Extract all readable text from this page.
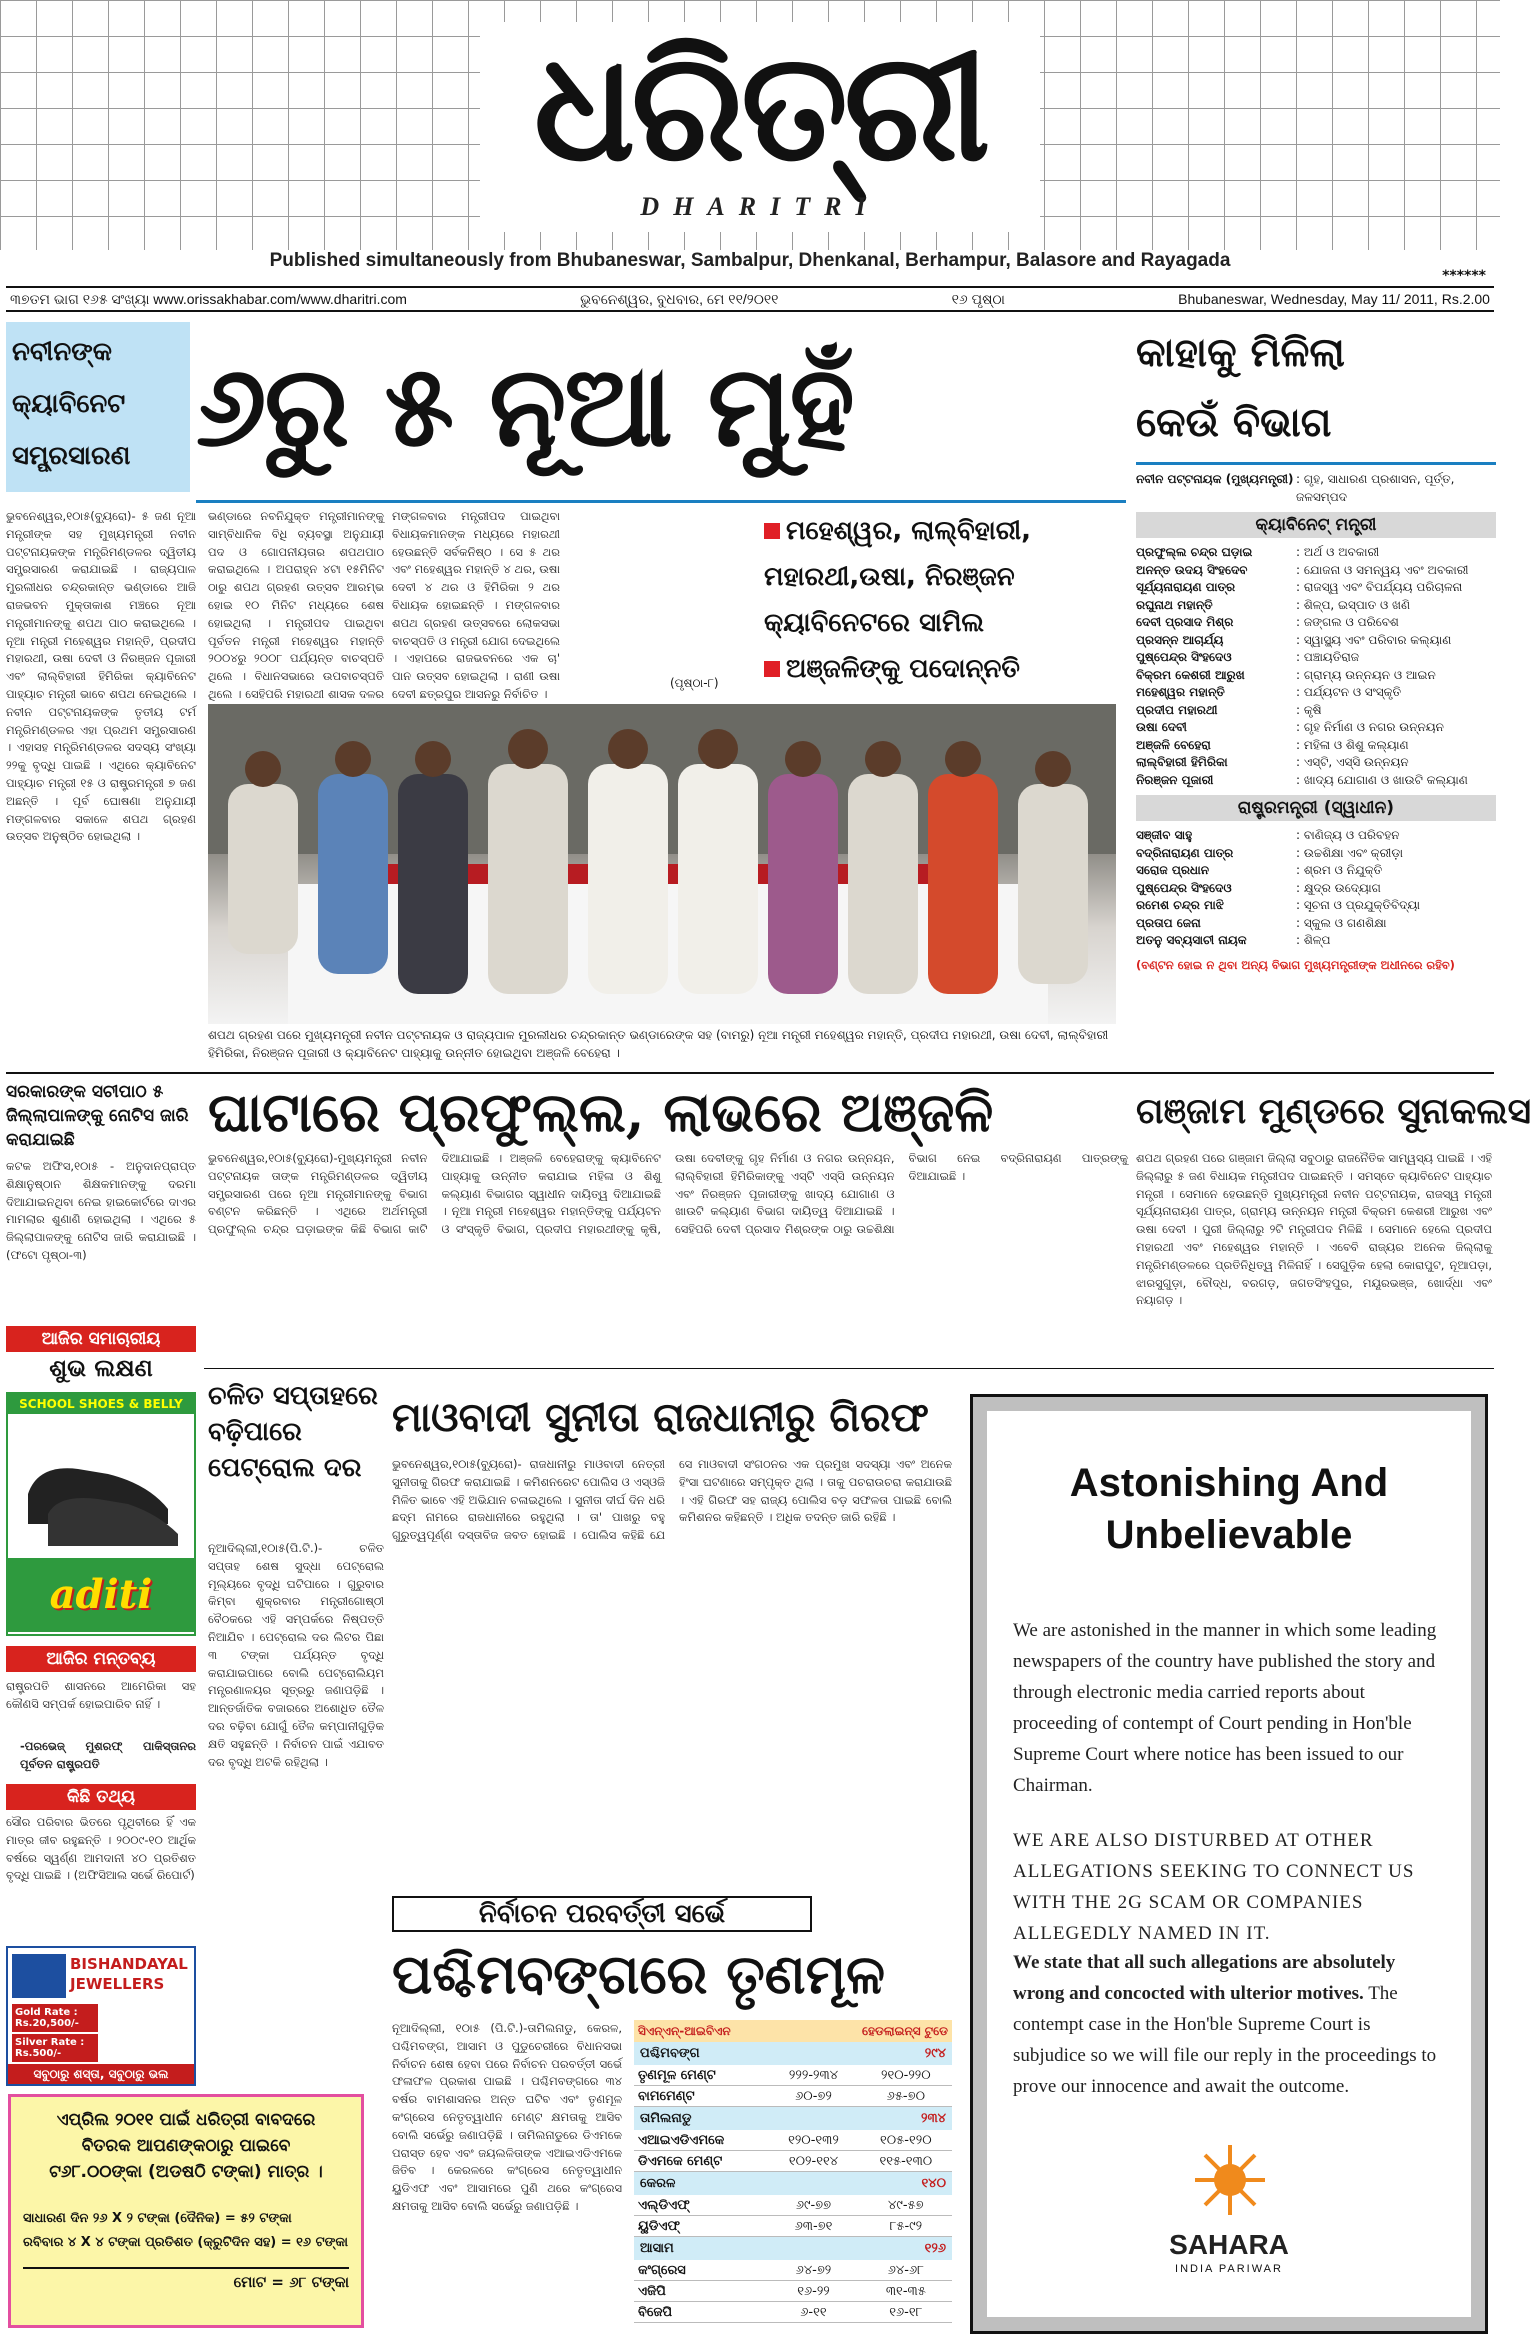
ଧରିତ୍ରୀ
DHARITRI
Published simultaneously from Bhubaneswar, Sambalpur, Dhenkanal, Berhampur, Balasore and Rayagada
******
୩୭ତମ ଭାଗ ୧୬୫ ସଂଖ୍ୟା www.orissakhabar.com/www.dharitri.com	ଭୁବନେଶ୍ୱର, ବୁଧବାର, ମେ ୧୧/୨୦୧୧	୧୬ ପୃଷ୍ଠା	Bhubaneswar, Wednesday, May 11/ 2011, Rs.2.00
ନବୀନଙ୍କ କ୍ୟାବିନେଟ ସମ୍ପ୍ରସାରଣ ୬ରୁ ୫ ନୂଆ ମୁହଁ
ଭୁବନେଶ୍ୱର,୧୦ା୫(ବ୍ୟୁରୋ)- ୫ ଜଣ ନୂଆ ମନ୍ତ୍ରୀଙ୍କ ସହ ମୁଖ୍ୟମନ୍ତ୍ରୀ ନବୀନ ପଟ୍ଟନାୟକଙ୍କ ମନ୍ତ୍ରିମଣ୍ଡଳର ଦ୍ୱିତୀୟ ସମ୍ପ୍ରସାରଣ କରାଯାଇଛି । ରାଜ୍ୟପାଳ ମୁରଲୀଧର ଚନ୍ଦ୍ରକାନ୍ତ ଭଣ୍ଡାରେ ଆଜି ରାଜଭବନ ମୁକ୍ତାକାଶ ମଞ୍ଚରେ ନୂଆ ମନ୍ତ୍ରୀମାନଙ୍କୁ ଶପଥ ପାଠ କରାଇଥିଲେ । ନୂଆ ମନ୍ତ୍ରୀ ମହେଶ୍ୱର ମହାନ୍ତି, ପ୍ରଦୀପ ମହାରଥୀ, ଉଷା ଦେବୀ ଓ ନିରଞ୍ଜନ ପୂଜାରୀ ଏବଂ ଲାଲ୍‌ବିହାରୀ ହିମିରିକା କ୍ୟାବିନେଟ ପାହ୍ୟାଚ ମନ୍ତ୍ରୀ ଭାବେ ଶପଥ ନେଇଥିଲେ । ନବୀନ ପଟ୍ଟନାୟକଙ୍କ ତୃତୀୟ ଟର୍ମ ମନ୍ତ୍ରିମଣ୍ଡଳର ଏହା ପ୍ରଥମ ସମ୍ପ୍ରସାରଣ । ଏହାସହ ମନ୍ତ୍ରିମଣ୍ଡଳର ସଦସ୍ୟ ସଂଖ୍ୟା ୨୨କୁ ବୃଦ୍ଧି ପାଇଛି । ଏଥିରେ କ୍ୟାବିନେଟ ପାହ୍ୟାଚ ମନ୍ତ୍ରୀ ୧୫ ଓ ରାଷ୍ଟ୍ରମନ୍ତ୍ରୀ ୭ ଜଣ ଅଛନ୍ତି । ପୂର୍ବ ଘୋଷଣା ଅନୁଯାୟୀ ମଙ୍ଗଳବାର ସକାଳେ ଶପଥ ଗ୍ରହଣ ଉତ୍ସବ ଅନୁଷ୍ଠିତ ହୋଇଥିଲା ।
ଭଣ୍ଡାରେ ନବନିଯୁକ୍ତ ମନ୍ତ୍ରୀମାନଙ୍କୁ ସାମ୍ବିଧାନିକ ବିଧି ବ୍ୟବସ୍ଥା ଅନୁଯାୟୀ ପଦ ଓ ଗୋପନୀୟତାର ଶପଥପାଠ କରାଇଥିଲେ । ଅପରାହ୍ନ ୪ଟା ୧୫ମିନିଟ ଠାରୁ ଶପଥ ଗ୍ରହଣ ଉତ୍ସବ ଆରମ୍ଭ ହୋଇ ୧୦ ମିନିଟ ମଧ୍ୟରେ ଶେଷ ହୋଇଥିଲା । ମନ୍ତ୍ରୀପଦ ପାଇଥିବା ପୂର୍ବତନ ମନ୍ତ୍ରୀ ମହେଶ୍ୱର ମହାନ୍ତି ୨୦୦୪ରୁ ୨୦୦୮ ପର୍ଯ୍ୟନ୍ତ ବାଚସ୍ପତି ଥିଲେ । ବିଧାନସଭାରେ ଉପବାଚସ୍ପତି ଥିଲେ । ସେହିପରି ମହାରଥୀ ଶାସକ ଦଳର
ମଙ୍ଗଳବାର ମନ୍ତ୍ରୀପଦ ପାଇଥିବା ବିଧାୟକମାନଙ୍କ ମଧ୍ୟରେ ମହାରଥୀ ହେଉଛନ୍ତି ସର୍ବକନିଷ୍ଠ । ସେ ୫ ଥର ଏବଂ ମହେଶ୍ୱର ମହାନ୍ତି ୪ ଥର, ଉଷା ଦେବୀ ୪ ଥର ଓ ହିମିରିକା ୨ ଥର ବିଧାୟକ ହୋଇଛନ୍ତି । ମଙ୍ଗଳବାର ଶପଥ ଗ୍ରହଣ ଉତ୍ସବରେ ଲୋକସଭା ବାଚସ୍ପତି ଓ ମନ୍ତ୍ରୀ ଯୋଗ ଦେଇଥିଲେ । ଏହାପରେ ରାଜଭବନରେ ଏକ ଚା' ପାନ ଉତ୍ସବ ହୋଇଥିଲା । ରାଣୀ ଉଷା ଦେବୀ ଛତ୍ରପୁର ଆସନରୁ ନିର୍ବାଚିତ ।
(ପୃଷ୍ଠା-୮)
ମହେଶ୍ୱର, ଲାଲ୍‌ବିହାରୀ, ମହାରଥୀ,ଉଷା, ନିରଞ୍ଜନ କ୍ୟାବିନେଟରେ ସାମିଲ
ଅଞ୍ଜଳିଙ୍କୁ ପଦୋନ୍ନତି
ଶପଥ ଗ୍ରହଣ ପରେ ମୁଖ୍ୟମନ୍ତ୍ରୀ ନବୀନ ପଟ୍ଟନାୟକ ଓ ରାଜ୍ୟପାଳ ମୁରଲୀଧର ଚନ୍ଦ୍ରକାନ୍ତ ଭଣ୍ଡାରେଙ୍କ ସହ (ବାମରୁ) ନୂଆ ମନ୍ତ୍ରୀ ମହେଶ୍ୱର ମହାନ୍ତି, ପ୍ରଦୀପ ମହାରଥୀ, ଉଷା ଦେବୀ, ଲାଲ୍‌ବିହାରୀ ହିମିରିକା, ନିରଞ୍ଜନ ପୂଜାରୀ ଓ କ୍ୟାବିନେଟ ପାହ୍ୟାକୁ ଉନ୍ନୀତ ହୋଇଥିବା ଅଞ୍ଜଳି ବେହେରା ।
କାହାକୁ ମିଳିଲା
କେଉଁ ବିଭାଗ
ନବୀନ ପଟ୍ଟନାୟକ (ମୁଖ୍ୟମନ୍ତ୍ରୀ) : ଗୃହ, ସାଧାରଣ ପ୍ରଶାସନ, ପୂର୍ତ୍ତ, ଜଳସମ୍ପଦ
କ୍ୟାବିନେଟ୍ ମନ୍ତ୍ରୀ
ପ୍ରଫୁଲ୍ଲ ଚନ୍ଦ୍ର ଘଡ଼ାଇ	: ଅର୍ଥ ଓ ଅବକାରୀ
ଅନନ୍ତ ଉଦୟ ସିଂହଦେବ	: ଯୋଜନା ଓ ସମନ୍ୱୟ ଏବଂ ଅବକାରୀ
ସୂର୍ଯ୍ୟନାରାୟଣ ପାତ୍ର	: ରାଜସ୍ୱ ଏବଂ ବିପର୍ଯ୍ୟୟ ପରିଚାଳନା
ରଘୁନାଥ ମହାନ୍ତି	: ଶିଳ୍ପ, ଇସ୍ପାତ ଓ ଖଣି
ଦେବୀ ପ୍ରସାଦ ମିଶ୍ର	: ଜଙ୍ଗଲ ଓ ପରିବେଶ
ପ୍ରସନ୍ନ ଆଚାର୍ଯ୍ୟ	: ସ୍ୱାସ୍ଥ୍ୟ ଏବଂ ପରିବାର କଲ୍ୟାଣ
ପୁଷ୍ପେନ୍ଦ୍ର ସିଂହଦେଓ	: ପଞ୍ଚାୟତିରାଜ
ବିକ୍ରମ କେଶରୀ ଆରୁଖ	: ଗ୍ରାମ୍ୟ ଉନ୍ନୟନ ଓ ଆଇନ
ମହେଶ୍ୱର ମହାନ୍ତି	: ପର୍ଯ୍ୟଟନ ଓ ସଂସ୍କୃତି
ପ୍ରଦୀପ ମହାରଥୀ	: କୃଷି
ଉଷା ଦେବୀ	: ଗୃହ ନିର୍ମାଣ ଓ ନଗର ଉନ୍ନୟନ
ଅଞ୍ଜଳି ବେହେରା	: ମହିଳା ଓ ଶିଶୁ କଲ୍ୟାଣ
ଲାଲ୍‌ବିହାରୀ ହିମିରିକା	: ଏସ୍‌ଟି, ଏସ୍‌ସି ଉନ୍ନୟନ
ନିରଞ୍ଜନ ପୂଜାରୀ	: ଖାଦ୍ୟ ଯୋଗାଣ ଓ ଖାଉଟି କଲ୍ୟାଣ
ରାଷ୍ଟ୍ରମନ୍ତ୍ରୀ (ସ୍ୱାଧୀନ)
ସଞ୍ଜୀବ ସାହୁ	: ବାଣିଜ୍ୟ ଓ ପରିବହନ
ବଦ୍ରିନାରାୟଣ ପାତ୍ର	: ଉଚ୍ଚଶିକ୍ଷା ଏବଂ କ୍ରୀଡ଼ା
ସରୋଜ ପ୍ରଧାନ	: ଶ୍ରମ ଓ ନିଯୁକ୍ତି
ପୁଷ୍ପେନ୍ଦ୍ର ସିଂହଦେଓ	: କ୍ଷୁଦ୍ର ଉଦ୍ୟୋଗ
ରମେଶ ଚନ୍ଦ୍ର ମାଝି	: ସୂଚନା ଓ ପ୍ରଯୁକ୍ତିବିଦ୍ୟା
ପ୍ରତାପ ଜେନା	: ସ୍କୁଲ ଓ ଗଣଶିକ୍ଷା
ଅତନୁ ସବ୍ୟସାଚୀ ନାୟକ	: ଶିଳ୍ପ
(ବଣ୍ଟନ ହୋଇ ନ ଥିବା ଅନ୍ୟ ବିଭାଗ ମୁଖ୍ୟମନ୍ତ୍ରୀଙ୍କ ଅଧୀନରେ ରହିବ)
ସରକାରଙ୍କ ସଚୀପାଠ ୫ ଜିଲ୍ଲାପାଳଙ୍କୁ ନୋଟିସ ଜାରି କରାଯାଇଛି
କଟକ ଅଫିସ,୧୦ା୫ - ଅନୁଦାନପ୍ରାପ୍ତ ଶିକ୍ଷାନୁଷ୍ଠାନ ଶିକ୍ଷକମାନଙ୍କୁ ଦରମା ଦିଆଯାଇନଥିବା ନେଇ ହାଇକୋର୍ଟରେ ଦାଏର ମାମଲାର ଶୁଣାଣି ହୋଇଥିଲା । ଏଥିରେ ୫ ଜିଲ୍ଲାପାଳଙ୍କୁ ନୋଟିସ ଜାରି କରାଯାଇଛି । (ଫଟୋ ପୃଷ୍ଠା-୩)
ଆଜିର ସମାଚାରୀୟ
ଶୁଭ ଲକ୍ଷଣ
SCHOOL SHOES & BELLY
aditi
ଆଜିର ମନ୍ତବ୍ୟ
ରାଷ୍ଟ୍ରପତି ଶାସନରେ ଆମେରିକା ସହ କୌଣସି ସମ୍ପର୍କ ହୋଇପାରିବ ନାହିଁ ।
-ପରଭେଜ୍ ମୁଶରଫ୍ ପାକିସ୍ତାନର ପୂର୍ବତନ ରାଷ୍ଟ୍ରପତି
କିଛି ତଥ୍ୟ
ସୌର ପରିବାର ଭିତରେ ପୃଥିବୀରେ ହିଁ ଏକ ମାତ୍ର ଜୀବ ରହୁଛନ୍ତି । ୨୦୦୯-୧୦ ଆର୍ଥିକ ବର୍ଷରେ ସ୍ୱର୍ଣ୍ଣ ଆମଦାନୀ ୪୦ ପ୍ରତିଶତ ବୃଦ୍ଧି ପାଇଛି । (ଅଫିସିଆଲ ସର୍ଭେ ରିପୋର୍ଟ)
BISHANDAYAL JEWELLERS
Gold Rate : Rs.20,500/-
Silver Rate : Rs.500/-
ସବୁଠାରୁ ଶସ୍ତା, ସବୁଠାରୁ ଭଲ
ଘାଟାରେ ପ୍ରଫୁଲ୍ଲ, ଲାଭରେ ଅଞ୍ଜଳି
ଭୁବନେଶ୍ୱର,୧୦ା୫(ବ୍ୟୁରୋ)-ମୁଖ୍ୟମନ୍ତ୍ରୀ ନବୀନ ପଟ୍ଟନାୟକ ତାଙ୍କ ମନ୍ତ୍ରିମଣ୍ଡଳର ଦ୍ୱିତୀୟ ସମ୍ପ୍ରସାରଣ ପରେ ନୂଆ ମନ୍ତ୍ରୀମାନଙ୍କୁ ବିଭାଗ ବଣ୍ଟନ କରିଛନ୍ତି । ଏଥିରେ ଅର୍ଥମନ୍ତ୍ରୀ ପ୍ରଫୁଲ୍ଲ ଚନ୍ଦ୍ର ଘଡ଼ାଇଙ୍କ କିଛି ବିଭାଗ କାଟି ଦିଆଯାଇଛି । ଅଞ୍ଜଳି ବେହେରାଙ୍କୁ କ୍ୟାବିନେଟ ପାହ୍ୟାକୁ ଉନ୍ନୀତ କରାଯାଇ ମହିଳା ଓ ଶିଶୁ କଲ୍ୟାଣ ବିଭାଗର ସ୍ୱାଧୀନ ଦାୟିତ୍ୱ ଦିଆଯାଇଛି । ନୂଆ ମନ୍ତ୍ରୀ ମହେଶ୍ୱର ମହାନ୍ତିଙ୍କୁ ପର୍ଯ୍ୟଟନ ଓ ସଂସ୍କୃତି ବିଭାଗ, ପ୍ରଦୀପ ମହାରଥୀଙ୍କୁ କୃଷି, ଉଷା ଦେବୀଙ୍କୁ ଗୃହ ନିର୍ମାଣ ଓ ନଗର ଉନ୍ନୟନ, ଲାଲ୍‌ବିହାରୀ ହିମିରିକାଙ୍କୁ ଏସ୍‌ଟି ଏସ୍‌ସି ଉନ୍ନୟନ ଏବଂ ନିରଞ୍ଜନ ପୂଜାରୀଙ୍କୁ ଖାଦ୍ୟ ଯୋଗାଣ ଓ ଖାଉଟି କଲ୍ୟାଣ ବିଭାଗ ଦାୟିତ୍ୱ ଦିଆଯାଇଛି । ସେହିପରି ଦେବୀ ପ୍ରସାଦ ମିଶ୍ରଙ୍କ ଠାରୁ ଉଚ୍ଚଶିକ୍ଷା ବିଭାଗ ନେଇ ବଦ୍ରିନାରାୟଣ ପାତ୍ରଙ୍କୁ ଦିଆଯାଇଛି ।
ଗଞ୍ଜାମ ମୁଣ୍ଡରେ ସୁନାକଲସ
ଶପଥ ଗ୍ରହଣ ପରେ ଗଞ୍ଜାମ ଜିଲ୍ଲା ସବୁଠାରୁ ରାଜନୈତିକ ସାମ୍ୱସ୍ୟ ପାଇଛି । ଏହି ଜିଲ୍ଲାରୁ ୫ ଜଣ ବିଧାୟକ ମନ୍ତ୍ରୀପଦ ପାଇଛନ୍ତି । ସମସ୍ତେ କ୍ୟାବିନେଟ ପାହ୍ୟାଚ ମନ୍ତ୍ରୀ । ସେମାନେ ହେଉଛନ୍ତି ମୁଖ୍ୟମନ୍ତ୍ରୀ ନବୀନ ପଟ୍ଟନାୟକ, ରାଜସ୍ୱ ମନ୍ତ୍ରୀ ସୂର୍ଯ୍ୟନାରାୟଣ ପାତ୍ର, ଗ୍ରାମ୍ୟ ଉନ୍ନୟନ ମନ୍ତ୍ରୀ ବିକ୍ରମ କେଶରୀ ଆରୁଖ ଏବଂ ଉଷା ଦେବୀ । ପୁରୀ ଜିଲ୍ଲାରୁ ୨ଟି ମନ୍ତ୍ରୀପଦ ମିଳିଛି । ସେମାନେ ହେଲେ ପ୍ରଦୀପ ମହାରଥୀ ଏବଂ ମହେଶ୍ୱର ମହାନ୍ତି । ଏବେବି ରାଜ୍ୟର ଅନେକ ଜିଲ୍ଲାକୁ ମନ୍ତ୍ରିମଣ୍ଡଳରେ ପ୍ରତିନିଧିତ୍ୱ ମିଳିନାହିଁ । ସେଗୁଡ଼ିକ ହେଲା କୋରାପୁଟ, ନୂଆପଡ଼ା, ଝାରସୁଗୁଡ଼ା, ବୌଦ୍ଧ, ବରଗଡ଼, ଜଗତସିଂହପୁର, ମୟୂରଭଞ୍ଜ, ଖୋର୍ଦ୍ଧା ଏବଂ ନୟାଗଡ଼ ।
ଚଳିତ ସପ୍ତାହରେ ବଢ଼ିପାରେ ପେଟ୍ରୋଲ ଦର
ନୂଆଦିଲ୍ଲୀ,୧୦ା୫(ପି.ଟି.)- ଚଳିତ ସପ୍ତାହ ଶେଷ ସୁଦ୍ଧା ପେଟ୍ରୋଲ ମୂଲ୍ୟରେ ବୃଦ୍ଧି ଘଟିପାରେ । ଗୁରୁବାର କିମ୍ବା ଶୁକ୍ରବାର ମନ୍ତ୍ରୀଗୋଷ୍ଠୀ ବୈଠକରେ ଏହି ସମ୍ପର୍କରେ ନିଷ୍ପତ୍ତି ନିଆଯିବ । ପେଟ୍ରୋଲ ଦର ଲିଟର ପିଛା ୩ ଟଙ୍କା ପର୍ଯ୍ୟନ୍ତ ବୃଦ୍ଧି କରାଯାଇପାରେ ବୋଲି ପେଟ୍ରୋଲିୟମ ମନ୍ତ୍ରଣାଳୟର ସୂତ୍ରରୁ ଜଣାପଡ଼ିଛି । ଆନ୍ତର୍ଜାତିକ ବଜାରରେ ଅଶୋଧିତ ତୈଳ ଦର ବଢ଼ିବା ଯୋଗୁଁ ତୈଳ କମ୍ପାନୀଗୁଡ଼ିକ କ୍ଷତି ସହୁଛନ୍ତି । ନିର୍ବାଚନ ପାଇଁ ଏଯାବତ ଦର ବୃଦ୍ଧି ଅଟକି ରହିଥିଲା ।
ମାଓବାଦୀ ସୁନୀତା ରାଜଧାନୀରୁ ଗିରଫ
ଭୁବନେଶ୍ୱର,୧୦ା୫(ବ୍ୟୁରୋ)- ରାଜଧାନୀରୁ ମାଓବାଦୀ ନେତ୍ରୀ ସୁନୀତାକୁ ଗିରଫ କରାଯାଇଛି । କମିଶନରେଟ ପୋଲିସ ଓ ଏସ୍‌ଓଜି ମିଳିତ ଭାବେ ଏହି ଅଭିଯାନ ଚଳାଇଥିଲେ । ସୁନୀତା ଦୀର୍ଘ ଦିନ ଧରି ଛଦ୍ମ ନାମରେ ରାଜଧାନୀରେ ରହୁଥିଲା । ତା' ପାଖରୁ ବହୁ ଗୁରୁତ୍ୱପୂର୍ଣ୍ଣ ଦସ୍ତାବିଜ ଜବତ ହୋଇଛି । ପୋଲିସ କହିଛି ଯେ ସେ ମାଓବାଦୀ ସଂଗଠନର ଏକ ପ୍ରମୁଖ ସଦସ୍ୟା ଏବଂ ଅନେକ ହିଂସା ଘଟଣାରେ ସମ୍ପୃକ୍ତ ଥିଲା । ତାକୁ ପଚରାଉଚରା କରାଯାଉଛି । ଏହି ଗିରଫ ସହ ରାଜ୍ୟ ପୋଲିସ ବଡ଼ ସଫଳତା ପାଇଛି ବୋଲି କମିଶନର କହିଛନ୍ତି । ଅଧିକ ତଦନ୍ତ ଜାରି ରହିଛି ।
ନିର୍ବାଚନ ପରବର୍ତ୍ତୀ ସର୍ଭେ
ପଶ୍ଚିମବଙ୍ଗରେ ତୃଣମୂଳ
ନୂଆଦିଲ୍ଲୀ, ୧୦ା୫ (ପି.ଟି.)-ତାମିଲନାଡୁ, କେରଳ, ପଶ୍ଚିମବଙ୍ଗ, ଆସାମ ଓ ପୁଡୁଚେରୀରେ ବିଧାନସଭା ନିର୍ବାଚନ ଶେଷ ହେବା ପରେ ନିର୍ବାଚନ ପରବର୍ତ୍ତୀ ସର୍ଭେ ଫଳାଫଳ ପ୍ରକାଶ ପାଇଛି । ପଶ୍ଚିମବଙ୍ଗରେ ୩୪ ବର୍ଷର ବାମଶାସନର ଅନ୍ତ ଘଟିବ ଏବଂ ତୃଣମୂଳ କଂଗ୍ରେସ ନେତୃତ୍ୱାଧୀନ ମେଣ୍ଟ କ୍ଷମତାକୁ ଆସିବ ବୋଲି ସର୍ଭେରୁ ଜଣାପଡ଼ିଛି । ତାମିଲନାଡୁରେ ଡିଏମକେ ପରାସ୍ତ ହେବ ଏବଂ ଜୟଲଳିତାଙ୍କ ଏଆଇଏଡିଏମକେ ଜିତିବ । କେରଳରେ କଂଗ୍ରେସ ନେତୃତ୍ୱାଧୀନ ୟୁଡିଏଫ ଏବଂ ଆସାମରେ ପୁଣି ଥରେ କଂଗ୍ରେସ କ୍ଷମତାକୁ ଆସିବ ବୋଲି ସର୍ଭେରୁ ଜଣାପଡ଼ିଛି ।
ସିଏନ୍‌ଏନ୍-ଆଇବିଏନ	ହେଡଲାଇନ୍ସ ଟୁଡେ
ପଶ୍ଚିମବଙ୍ଗ	୨୯୪
ତୃଣମୂଳ ମେଣ୍ଟ	୨୨୨-୨୩୪	୨୧୦-୨୨୦
ବାମମେଣ୍ଟ	୬୦-୭୨	୬୫-୭୦
ତାମିଲନାଡୁ	୨୩୪
ଏଆଇଏଡିଏମକେ	୧୨୦-୧୩୨	୧୦୫-୧୨୦
ଡିଏମକେ ମେଣ୍ଟ	୧୦୨-୧୧୪	୧୧୫-୧୩୦
କେରଳ	୧୪୦
ଏଲ୍‌ଡିଏଫ୍	୬୯-୭୭	୪୯-୫୭
ୟୁଡିଏଫ୍	୬୩-୭୧	୮୫-୯୨
ଆସାମ	୧୨୬
କଂଗ୍ରେସ	୬୪-୭୨	୬୪-୬୮
ଏଜିପି	୧୬-୨୨	୩୧-୩୫
ବିଜେପି	୬-୧୧	୧୬-୧୮
Astonishing And Unbelievable
We are astonished in the manner in which some leading newspapers of the country have published the story and through electronic media carried reports about proceeding of contempt of Court pending in Hon'ble Supreme Court where notice has been issued to our Chairman.
WE ARE ALSO DISTURBED AT OTHER ALLEGATIONS SEEKING TO CONNECT US WITH THE 2G SCAM OR COMPANIES ALLEGEDLY NAMED IN IT.
We state that all such allegations are absolutely wrong and concocted with ulterior motives. The contempt case in the Hon'ble Supreme Court is subjudice so we will file our reply in the proceedings to prove our innocence and await the outcome.
SAHARA
INDIA PARIWAR
ଏପ୍ରିଲ ୨୦୧୧ ପାଇଁ ଧରିତ୍ରୀ ବାବଦରେ
ବିତରକ ଆପଣଙ୍କଠାରୁ ପାଇବେ
ଟ୬୮.୦୦ଙ୍କା (ଅଡଷଠି ଟଙ୍କା) ମାତ୍ର ।
ସାଧାରଣ ଦିନ ୨୬ X ୨ ଟଙ୍କା (ଦୈନିକ) = ୫୨ ଟଙ୍କା
ରବିବାର ୪ X ୪ ଟଙ୍କା ପ୍ରତିଶତ (କ୍ରୁଟିଦିନ ସହ) = ୧୬ ଟଙ୍କା
ମୋଟ = ୬୮ ଟଙ୍କା
